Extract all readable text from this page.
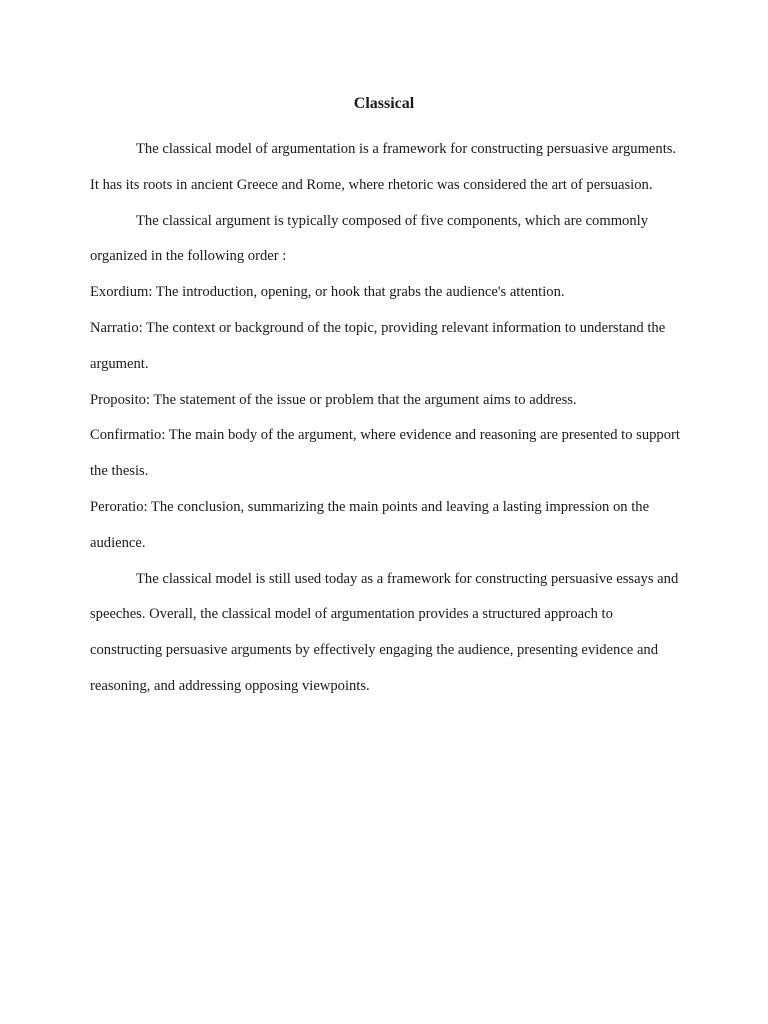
Classical

The classical model of argumentation is a framework for constructing persuasive arguments. It has its roots in ancient Greece and Rome, where rhetoric was considered the art of persuasion.

The classical argument is typically composed of five components, which are commonly organized in the following order :

Exordium: The introduction, opening, or hook that grabs the audience's attention.

Narratio: The context or background of the topic, providing relevant information to understand the argument.

Proposito: The statement of the issue or problem that the argument aims to address.

Confirmatio: The main body of the argument, where evidence and reasoning are presented to support the thesis.

Peroratio: The conclusion, summarizing the main points and leaving a lasting impression on the audience.

The classical model is still used today as a framework for constructing persuasive essays and speeches. Overall, the classical model of argumentation provides a structured approach to constructing persuasive arguments by effectively engaging the audience, presenting evidence and reasoning, and addressing opposing viewpoints.
